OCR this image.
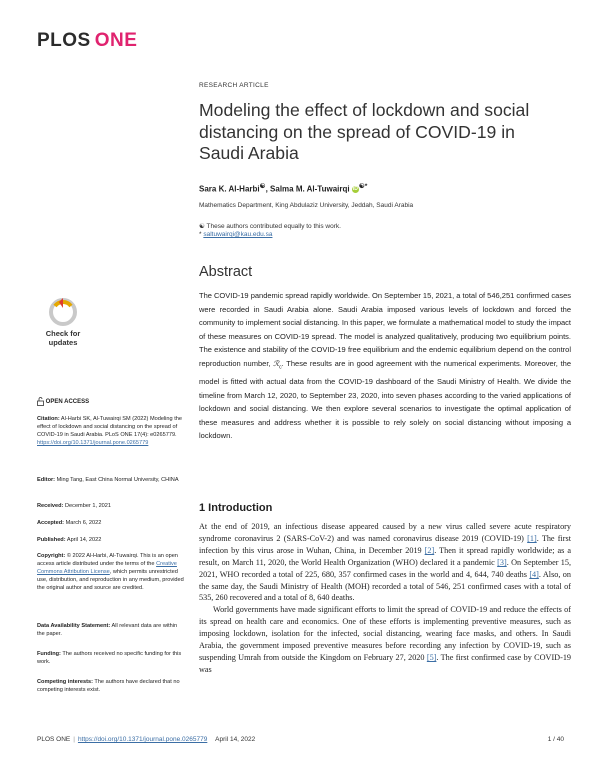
PLOS ONE
RESEARCH ARTICLE
Modeling the effect of lockdown and social distancing on the spread of COVID-19 in Saudi Arabia
Sara K. Al-Harbi☯, Salma M. Al-Tuwairqi iD☯*
Mathematics Department, King Abdulaziz University, Jeddah, Saudi Arabia
☯ These authors contributed equally to this work.
* saltuwairqi@kau.edu.sa
Check for
updates
OPEN ACCESS
Citation: Al-Harbi SK, Al-Tuwairqi SM (2022) Modeling the effect of lockdown and social distancing on the spread of COVID-19 in Saudi Arabia. PLoS ONE 17(4): e0265779. https://doi.org/10.1371/journal.pone.0265779
Editor: Ming Tang, East China Normal University, CHINA
Received: December 1, 2021
Accepted: March 6, 2022
Published: April 14, 2022
Copyright: © 2022 Al-Harbi, Al-Tuwairqi. This is an open access article distributed under the terms of the Creative Commons Attribution License, which permits unrestricted use, distribution, and reproduction in any medium, provided the original author and source are credited.
Data Availability Statement: All relevant data are within the paper.
Funding: The authors received no specific funding for this work.
Competing interests: The authors have declared that no competing interests exist.
Abstract
The COVID-19 pandemic spread rapidly worldwide. On September 15, 2021, a total of 546,251 confirmed cases were recorded in Saudi Arabia alone. Saudi Arabia imposed various levels of lockdown and forced the community to implement social distancing. In this paper, we formulate a mathematical model to study the impact of these measures on COVID-19 spread. The model is analyzed qualitatively, producing two equilibrium points. The existence and stability of the COVID-19 free equilibrium and the endemic equilibrium depend on the control reproduction number, ℛ$_c$. These results are in good agreement with the numerical experiments. Moreover, the model is fitted with actual data from the COVID-19 dashboard of the Saudi Ministry of Health. We divide the timeline from March 12, 2020, to September 23, 2020, into seven phases according to the varied applications of lockdown and social distancing. We then explore several scenarios to investigate the optimal application of these measures and address whether it is possible to rely solely on social distancing without imposing a lockdown.
1 Introduction

At the end of 2019, an infectious disease appeared caused by a new virus called severe acute respiratory syndrome coronavirus 2 (SARS-CoV-2) and was named coronavirus disease 2019 (COVID-19) [1]. The first infection by this virus arose in Wuhan, China, in December 2019 [2]. Then it spread rapidly worldwide; as a result, on March 11, 2020, the World Health Organization (WHO) declared it a pandemic [3]. On September 15, 2021, WHO recorded a total of 225, 680, 357 confirmed cases in the world and 4, 644, 740 deaths [4]. Also, on the same day, the Saudi Ministry of Health (MOH) recorded a total of 546, 251 confirmed cases with a total of 535, 260 recovered and a total of 8, 640 deaths.

World governments have made significant efforts to limit the spread of COVID-19 and reduce the effects of its spread on health care and economics. One of these efforts is implementing preventive measures, such as imposing lockdown, isolation for the infected, social distancing, wearing face masks, and others. In Saudi Arabia, the government imposed preventive measures before recording any infection by COVID-19, such as suspending Umrah from outside the Kingdom on February 27, 2020 [5]. The first confirmed case by COVID-19 was

PLOS ONE | https://doi.org/10.1371/journal.pone.0265779 April 14, 2022	1 / 40
